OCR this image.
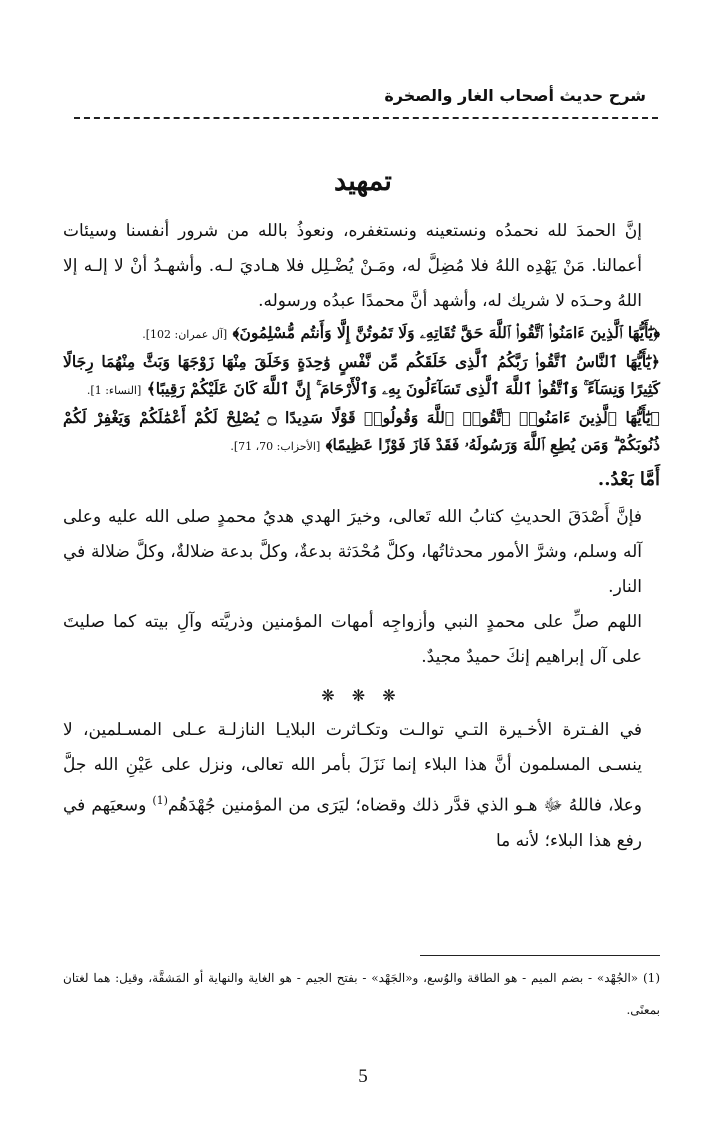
شرح حديث أصحاب الغار والصخرة
تمهيد

إنَّ الحمدَ لله نحمدُه ونستعينه ونستغفره، ونعوذُ بالله من شرور أنفسنا وسيئات أعمالنا. مَنْ يَهْدِه اللهُ فلا مُضِلَّ له، ومَـنْ يُضْـلِل فلا هـاديَ لـه. وأشهـدُ أنْ لا إلـه إلا اللهُ وحـدَه لا شريك له، وأشهد أنَّ محمدًا عبدُه ورسوله.

﴿يَٰٓأَيُّهَا ٱلَّذِينَ ءَامَنُوا۟ ٱتَّقُوا۟ ٱللَّهَ حَقَّ تُقَاتِهِۦ وَلَا تَمُوتُنَّ إِلَّا وَأَنتُم مُّسْلِمُونَ﴾ [آل عمران: 102].

﴿يَٰٓأَيُّهَا ٱلنَّاسُ ٱتَّقُوا۟ رَبَّكُمُ ٱلَّذِى خَلَقَكُم مِّن نَّفْسٍ وَٰحِدَةٍ وَخَلَقَ مِنْهَا زَوْجَهَا وَبَثَّ مِنْهُمَا رِجَالًا كَثِيرًا وَنِسَآءً ۚ وَٱتَّقُوا۟ ٱللَّهَ ٱلَّذِى تَسَآءَلُونَ بِهِۦ وَٱلْأَرْحَامَ ۚ إِنَّ ٱللَّهَ كَانَ عَلَيْكُمْ رَقِيبًا﴾ [النساء: 1].

﴿يَٰٓأَيُّهَا ٱلَّذِينَ ءَامَنُوا۟ ٱتَّقُوا۟ ٱللَّهَ وَقُولُوا۟ قَوْلًا سَدِيدًا ۝ يُصْلِحْ لَكُمْ أَعْمَٰلَكُمْ وَيَغْفِرْ لَكُمْ ذُنُوبَكُمْ ۗ وَمَن يُطِعِ ٱللَّهَ وَرَسُولَهُۥ فَقَدْ فَازَ فَوْزًا عَظِيمًا﴾ [الأحزاب: 70، 71].

أَمَّا بَعْدُ..

فإنَّ أَصْدَقَ الحديثِ كتابُ الله تَعالى، وخيرَ الهدي هديُ محمدٍ صلى الله عليه وعلى آله وسلم، وشرَّ الأمور محدثاتُها، وكلَّ مُحْدَثة بدعةٌ، وكلَّ بدعة ضلالةٌ، وكلَّ ضلالة في النار.

اللهم صلِّ على محمدٍ النبي وأزواجِه أمهات المؤمنين وذريَّته وآلِ بيته كما صليتَ على آل إبراهيم إنكَ حميدٌ مجيدٌ.

❋ ❋ ❋

في الفـترة الأخـيرة التـي توالـت وتكـاثرت البلايـا النازلـة عـلى المسـلمين، لا ينسـى المسلمون أنَّ هذا البلاء إنما نَزَلَ بأمر الله تعالى، ونزل على عَيْنِ الله جلَّ وعلا، فاللهُ ﷻ هـو الذي قدَّر ذلك وقضاه؛ ليَرَى من المؤمنين جُهْدَهُم$^{(1)}$ وسعيَهم في رفع هذا البلاء؛ لأنه ما

(1) «الجُهْد» - بضم الميم - هو الطاقة والوُسع، و«الجَهْد» - بفتح الجيم - هو الغاية والنهاية أو المَشقَّة، وقيل: هما لغتان بمعنًى.
5
